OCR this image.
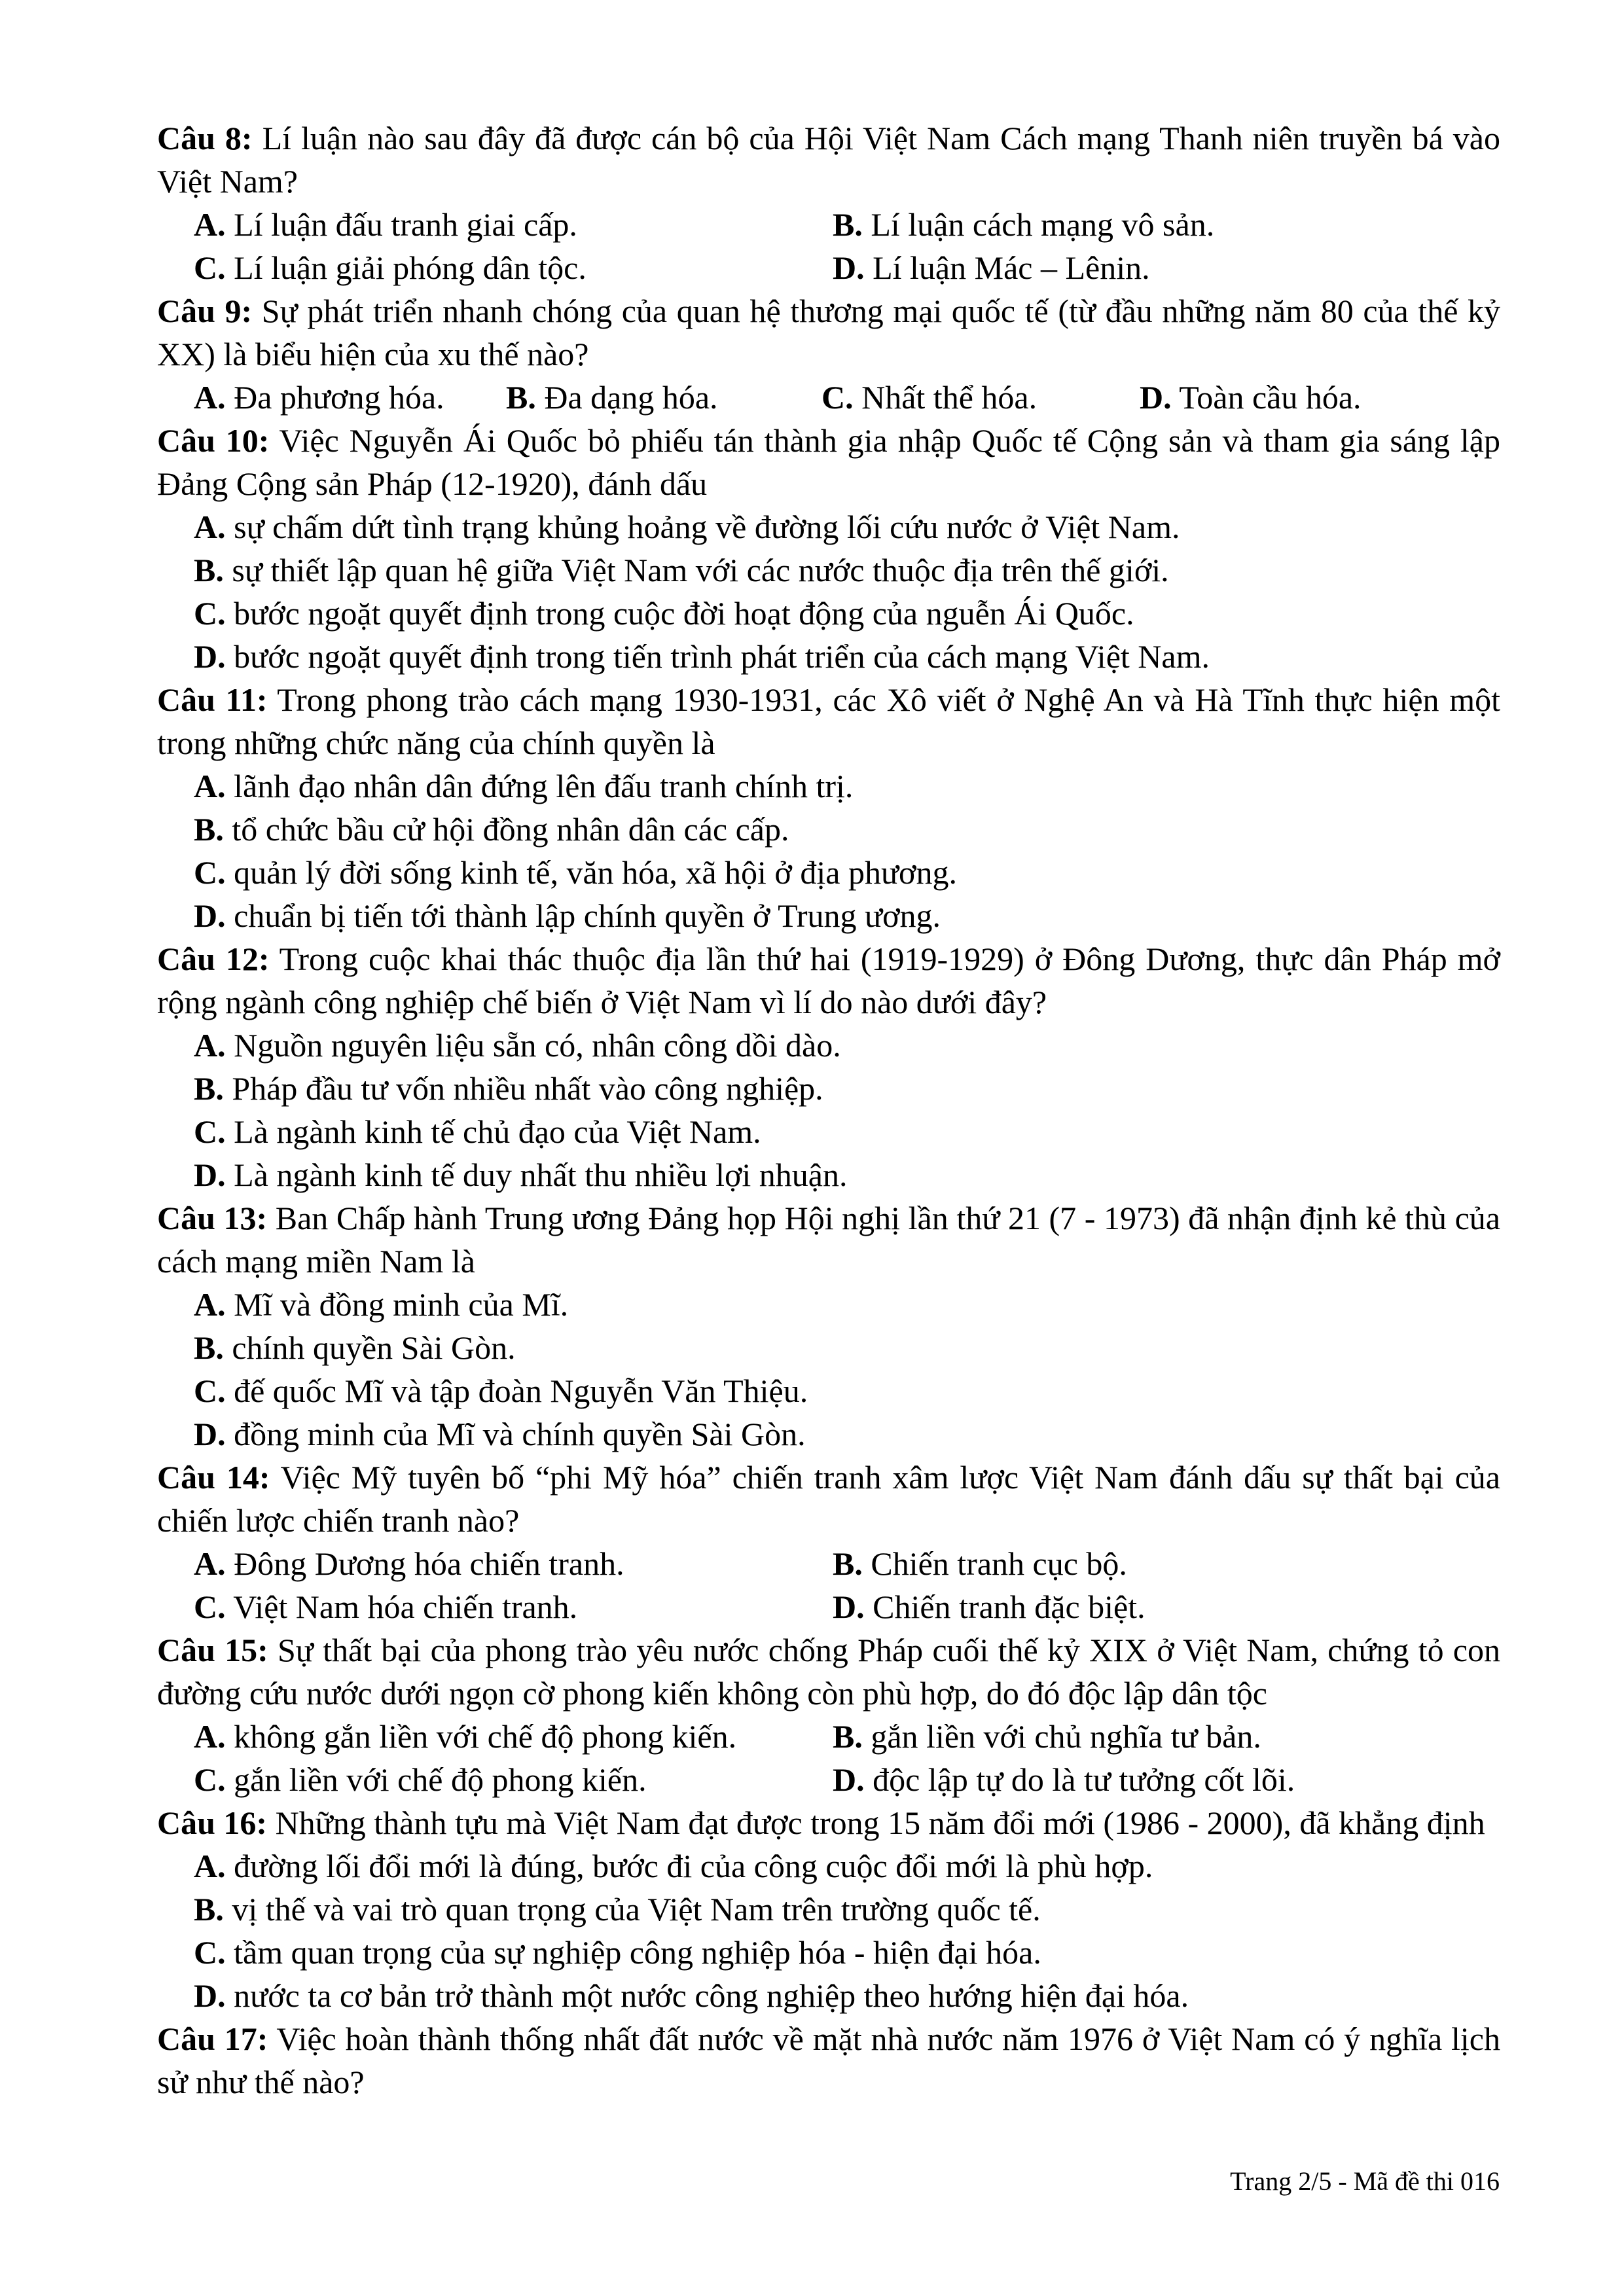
Câu 8: Lí luận nào sau đây đã được cán bộ của Hội Việt Nam Cách mạng Thanh niên truyền bá vào Việt Nam?

A. Lí luận đấu tranh giai cấp.	B. Lí luận cách mạng vô sản.
C. Lí luận giải phóng dân tộc.	D. Lí luận Mác – Lênin.

Câu 9: Sự phát triển nhanh chóng của quan hệ thương mại quốc tế (từ đầu những năm 80 của thế kỷ XX) là biểu hiện của xu thế nào?

A. Đa phương hóa. B. Đa dạng hóa.	C. Nhất thể hóa.	D. Toàn cầu hóa.

Câu 10: Việc Nguyễn Ái Quốc bỏ phiếu tán thành gia nhập Quốc tế Cộng sản và tham gia sáng lập Đảng Cộng sản Pháp (12-1920), đánh dấu

A. sự chấm dứt tình trạng khủng hoảng về đường lối cứu nước ở Việt Nam.
B. sự thiết lập quan hệ giữa Việt Nam với các nước thuộc địa trên thế giới.
C. bước ngoặt quyết định trong cuộc đời hoạt động của nguễn Ái Quốc.
D. bước ngoặt quyết định trong tiến trình phát triển của cách mạng Việt Nam.

Câu 11: Trong phong trào cách mạng 1930-1931, các Xô viết ở Nghệ An và Hà Tĩnh thực hiện một trong những chức năng của chính quyền là

A. lãnh đạo nhân dân đứng lên đấu tranh chính trị.
B. tổ chức bầu cử hội đồng nhân dân các cấp.
C. quản lý đời sống kinh tế, văn hóa, xã hội ở địa phương.
D. chuẩn bị tiến tới thành lập chính quyền ở Trung ương.

Câu 12: Trong cuộc khai thác thuộc địa lần thứ hai (1919-1929) ở Đông Dương, thực dân Pháp mở rộng ngành công nghiệp chế biến ở Việt Nam vì lí do nào dưới đây?

A. Nguồn nguyên liệu sẵn có, nhân công dồi dào.
B. Pháp đầu tư vốn nhiều nhất vào công nghiệp.
C. Là ngành kinh tế chủ đạo của Việt Nam.
D. Là ngành kinh tế duy nhất thu nhiều lợi nhuận.

Câu 13: Ban Chấp hành Trung ương Đảng họp Hội nghị lần thứ 21 (7 - 1973) đã nhận định kẻ thù của cách mạng miền Nam là

A. Mĩ và đồng minh của Mĩ.
B. chính quyền Sài Gòn.
C. đế quốc Mĩ và tập đoàn Nguyễn Văn Thiệu.
D. đồng minh của Mĩ và chính quyền Sài Gòn.

Câu 14: Việc Mỹ tuyên bố “phi Mỹ hóa” chiến tranh xâm lược Việt Nam đánh dấu sự thất bại của chiến lược chiến tranh nào?

A. Đông Dương hóa chiến tranh.	B. Chiến tranh cục bộ.
C. Việt Nam hóa chiến tranh.	D. Chiến tranh đặc biệt.

Câu 15: Sự thất bại của phong trào yêu nước chống Pháp cuối thế kỷ XIX ở Việt Nam, chứng tỏ con đường cứu nước dưới ngọn cờ phong kiến không còn phù hợp, do đó độc lập dân tộc

A. không gắn liền với chế độ phong kiến.	B. gắn liền với chủ nghĩa tư bản.
C. gắn liền với chế độ phong kiến.	D. độc lập tự do là tư tưởng cốt lõi.

Câu 16: Những thành tựu mà Việt Nam đạt được trong 15 năm đổi mới (1986 - 2000), đã khẳng định

A. đường lối đổi mới là đúng, bước đi của công cuộc đổi mới là phù hợp.
B. vị thế và vai trò quan trọng của Việt Nam trên trường quốc tế.
C. tầm quan trọng của sự nghiệp công nghiệp hóa - hiện đại hóa.
D. nước ta cơ bản trở thành một nước công nghiệp theo hướng hiện đại hóa.

Câu 17: Việc hoàn thành thống nhất đất nước về mặt nhà nước năm 1976 ở Việt Nam có ý nghĩa lịch sử như thế nào?

Trang 2/5 - Mã đề thi 016
